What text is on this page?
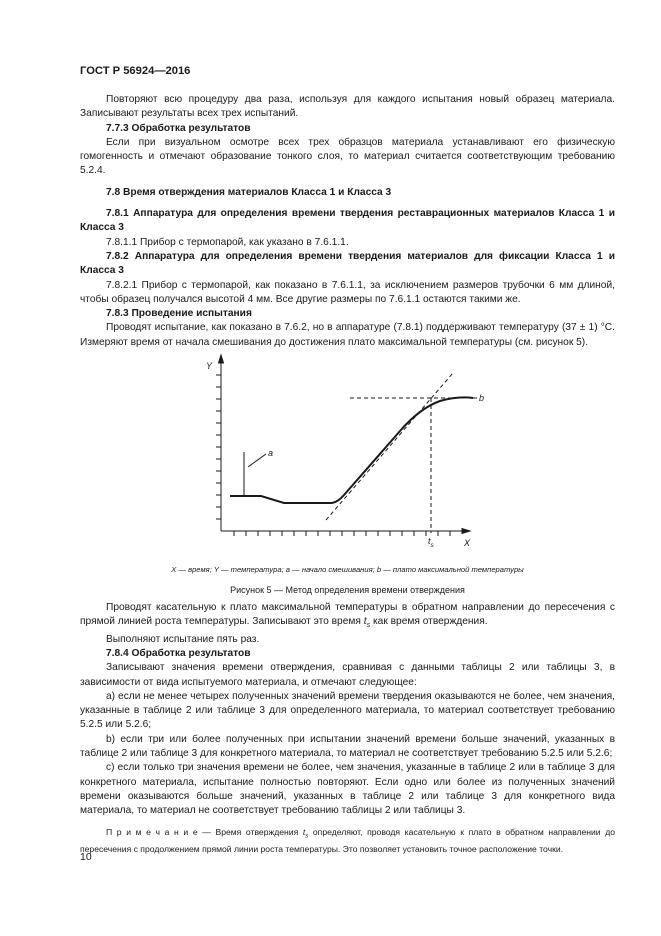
ГОСТ Р 56924—2016

Повторяют всю процедуру два раза, используя для каждого испытания новый образец материала. Записывают результаты всех трех испытаний.

7.7.3 Обработка результатов

Если при визуальном осмотре всех трех образцов материала устанавливают его физическую гомогенность и отмечают образование тонкого слоя, то материал считается соответствующим требованию 5.2.4.

7.8 Время отверждения материалов Класса 1 и Класса 3

7.8.1 Аппаратура для определения времени твердения реставрационных материалов Класса 1 и Класса 3

7.8.1.1 Прибор с термопарой, как указано в 7.6.1.1.

7.8.2 Аппаратура для определения времени твердения материалов для фиксации Класса 1 и Класса 3

7.8.2.1 Прибор с термопарой, как показано в 7.6.1.1, за исключением размеров трубочки 6 мм длиной, чтобы образец получался высотой 4 мм. Все другие размеры по 7.6.1.1 остаются такими же.

7.8.3 Проведение испытания

Проводят испытание, как показано в 7.6.2, но в аппаратуре (7.8.1) поддерживают температуру (37 ± 1) °С. Измеряют время от начала смешивания до достижения плато максимальной температуры (см. рисунок 5).

Y
X
a
b
$t_s$
X — время; Y — температура; a — начало смешивания; b — плато максимальной температуры
Рисунок 5 — Метод определения времени отверждения

Проводят касательную к плато максимальной температуры в обратном направлении до пересечения с прямой линией роста температуры. Записывают это время $t_s$ как время отверждения.

Выполняют испытание пять раз.

7.8.4 Обработка результатов

Записывают значения времени отверждения, сравнивая с данными таблицы 2 или таблицы 3, в зависимости от вида испытуемого материала, и отмечают следующее:

а) если не менее четырех полученных значений времени твердения оказываются не более, чем значения, указанные в таблице 2 или таблице 3 для определенного материала, то материал соответствует требованию 5.2.5 или 5.2.6;

b) если три или более полученных при испытании значений времени больше значений, указанных в таблице 2 или таблице 3 для конкретного материала, то материал не соответствует требованию 5.2.5 или 5.2.6;

с) если только три значения времени не более, чем значения, указанные в таблице 2 или в таблице 3 для конкретного материала, испытание полностью повторяют. Если одно или более из полученных значений времени оказываются больше значений, указанных в таблице 2 или таблице 3 для конкретного вида материала, то материал не соответствует требованию таблицы 2 или таблицы 3.

П р и м е ч а н и е — Время отверждения $t_s$ определяют, проводя касательную к плато в обратном направлении до пересечения с продолжением прямой линии роста температуры. Это позволяет установить точное расположение точки.

10
